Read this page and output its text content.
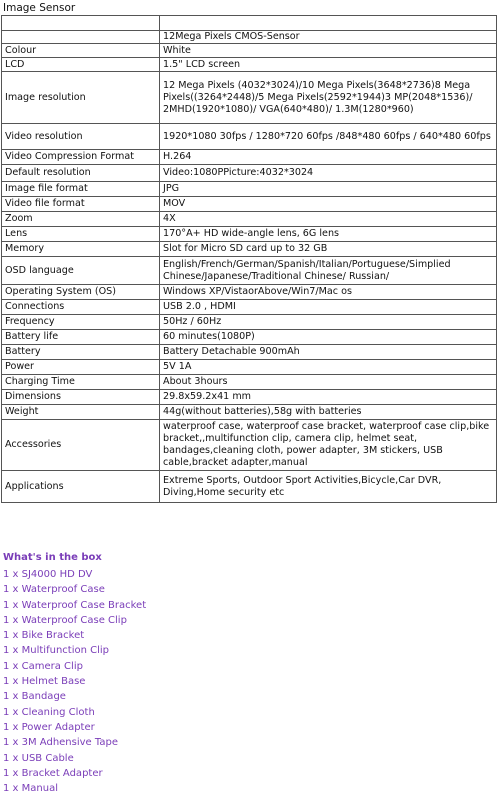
Image Sensor

	12Mega Pixels CMOS-Sensor
Colour	White
LCD	1.5" LCD screen
Image resolution	12 Mega Pixels (4032*3024)/10 Mega Pixels(3648*2736)8 Mega Pixels((3264*2448)/5 Mega Pixels(2592*1944)3 MP(2048*1536)/ 2MHD(1920*1080)/ VGA(640*480)/ 1.3M(1280*960)
Video resolution	1920*1080 30fps / 1280*720 60fps /848*480 60fps / 640*480 60fps
Video Compression Format	H.264
Default resolution	Video:1080PPicture:4032*3024
Image file format	JPG
Video file format	MOV
Zoom	4X
Lens	170°A+ HD wide-angle lens, 6G lens
Memory	Slot for Micro SD card up to 32 GB
OSD language	English/French/German/Spanish/Italian/Portuguese/Simplied Chinese/Japanese/Traditional Chinese/ Russian/
Operating System (OS)	Windows XP/VistaorAbove/Win7/Mac os
Connections	USB 2.0 , HDMI
Frequency	50Hz / 60Hz
Battery life	60 minutes(1080P)
Battery	Battery Detachable 900mAh
Power	5V 1A
Charging Time	About 3hours
Dimensions	29.8x59.2x41 mm
Weight	44g(without batteries),58g with batteries
Accessories	waterproof case, waterproof case bracket, waterproof case clip,bike bracket,,multifunction clip, camera clip, helmet seat, bandages,cleaning cloth, power adapter, 3M stickers, USB cable,bracket adapter,manual
Applications	Extreme Sports, Outdoor Sport Activities,Bicycle,Car DVR, Diving,Home security etc
What's in the box
1 x SJ4000 HD DV
1 x Waterproof Case
1 x Waterproof Case Bracket
1 x Waterproof Case Clip
1 x Bike Bracket
1 x Multifunction Clip
1 x Camera Clip
1 x Helmet Base
1 x Bandage
1 x Cleaning Cloth
1 x Power Adapter
1 x 3M Adhensive Tape
1 x USB Cable
1 x Bracket Adapter
1 x Manual
